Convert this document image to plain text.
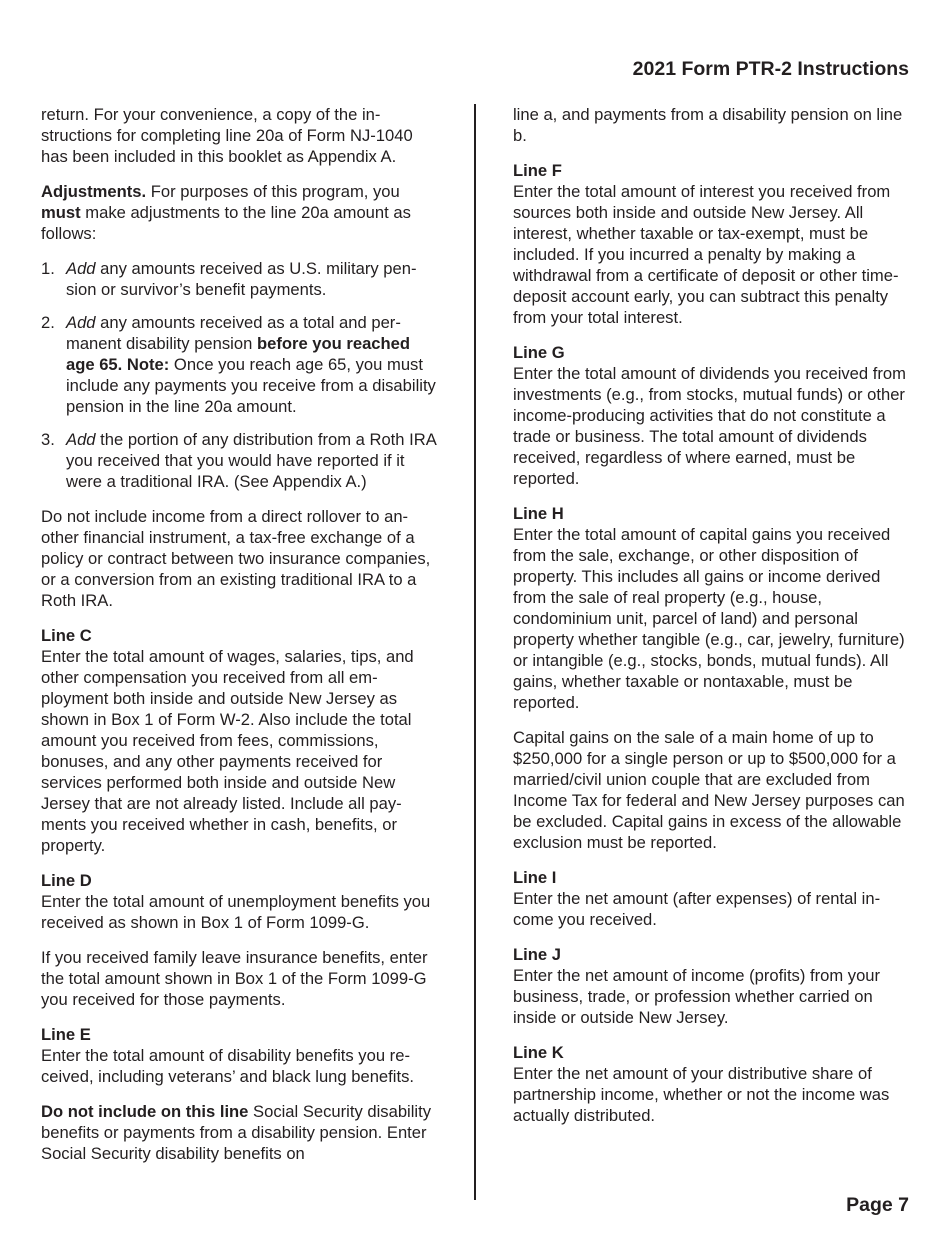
2021 Form PTR-2 Instructions

return. For your convenience, a copy of the instructions for completing line 20a of Form NJ-1040 has been included in this booklet as Appendix A.

Adjustments. For purposes of this program, you must make adjustments to the line 20a amount as follows:

1. Add any amounts received as U.S. military pension or survivor’s benefit payments.
2. Add any amounts received as a total and permanent disability pension before you reached age 65. Note: Once you reach age 65, you must include any payments you receive from a disability pension in the line 20a amount.
3. Add the portion of any distribution from a Roth IRA you received that you would have reported if it were a traditional IRA. (See Appendix A.)

Do not include income from a direct rollover to another financial instrument, a tax-free exchange of a policy or contract between two insurance companies, or a conversion from an existing traditional IRA to a Roth IRA.

Line C

Enter the total amount of wages, salaries, tips, and other compensation you received from all employment both inside and outside New Jersey as shown in Box 1 of Form W-2. Also include the total amount you received from fees, commissions, bonuses, and any other payments received for services performed both inside and outside New Jersey that are not already listed. Include all payments you received whether in cash, benefits, or property.

Line D

Enter the total amount of unemployment benefits you received as shown in Box 1 of Form 1099-G.

If you received family leave insurance benefits, enter the total amount shown in Box 1 of the Form 1099-G you received for those payments.

Line E

Enter the total amount of disability benefits you received, including veterans’ and black lung benefits.

Do not include on this line Social Security disability benefits or payments from a disability pension. Enter Social Security disability benefits on

line a, and payments from a disability pension on line b.

Line F

Enter the total amount of interest you received from sources both inside and outside New Jersey. All interest, whether taxable or tax-exempt, must be included. If you incurred a penalty by making a withdrawal from a certificate of deposit or other time-deposit account early, you can subtract this penalty from your total interest.

Line G

Enter the total amount of dividends you received from investments (e.g., from stocks, mutual funds) or other income-producing activities that do not constitute a trade or business. The total amount of dividends received, regardless of where earned, must be reported.

Line H

Enter the total amount of capital gains you received from the sale, exchange, or other disposition of property. This includes all gains or income derived from the sale of real property (e.g., house, condominium unit, parcel of land) and personal property whether tangible (e.g., car, jewelry, furniture) or intangible (e.g., stocks, bonds, mutual funds). All gains, whether taxable or nontaxable, must be reported.

Capital gains on the sale of a main home of up to $250,000 for a single person or up to $500,000 for a married/civil union couple that are excluded from Income Tax for federal and New Jersey purposes can be excluded. Capital gains in excess of the allowable exclusion must be reported.

Line I

Enter the net amount (after expenses) of rental income you received.

Line J

Enter the net amount of income (profits) from your business, trade, or profession whether carried on inside or outside New Jersey.

Line K

Enter the net amount of your distributive share of partnership income, whether or not the income was actually distributed.

Page 7
